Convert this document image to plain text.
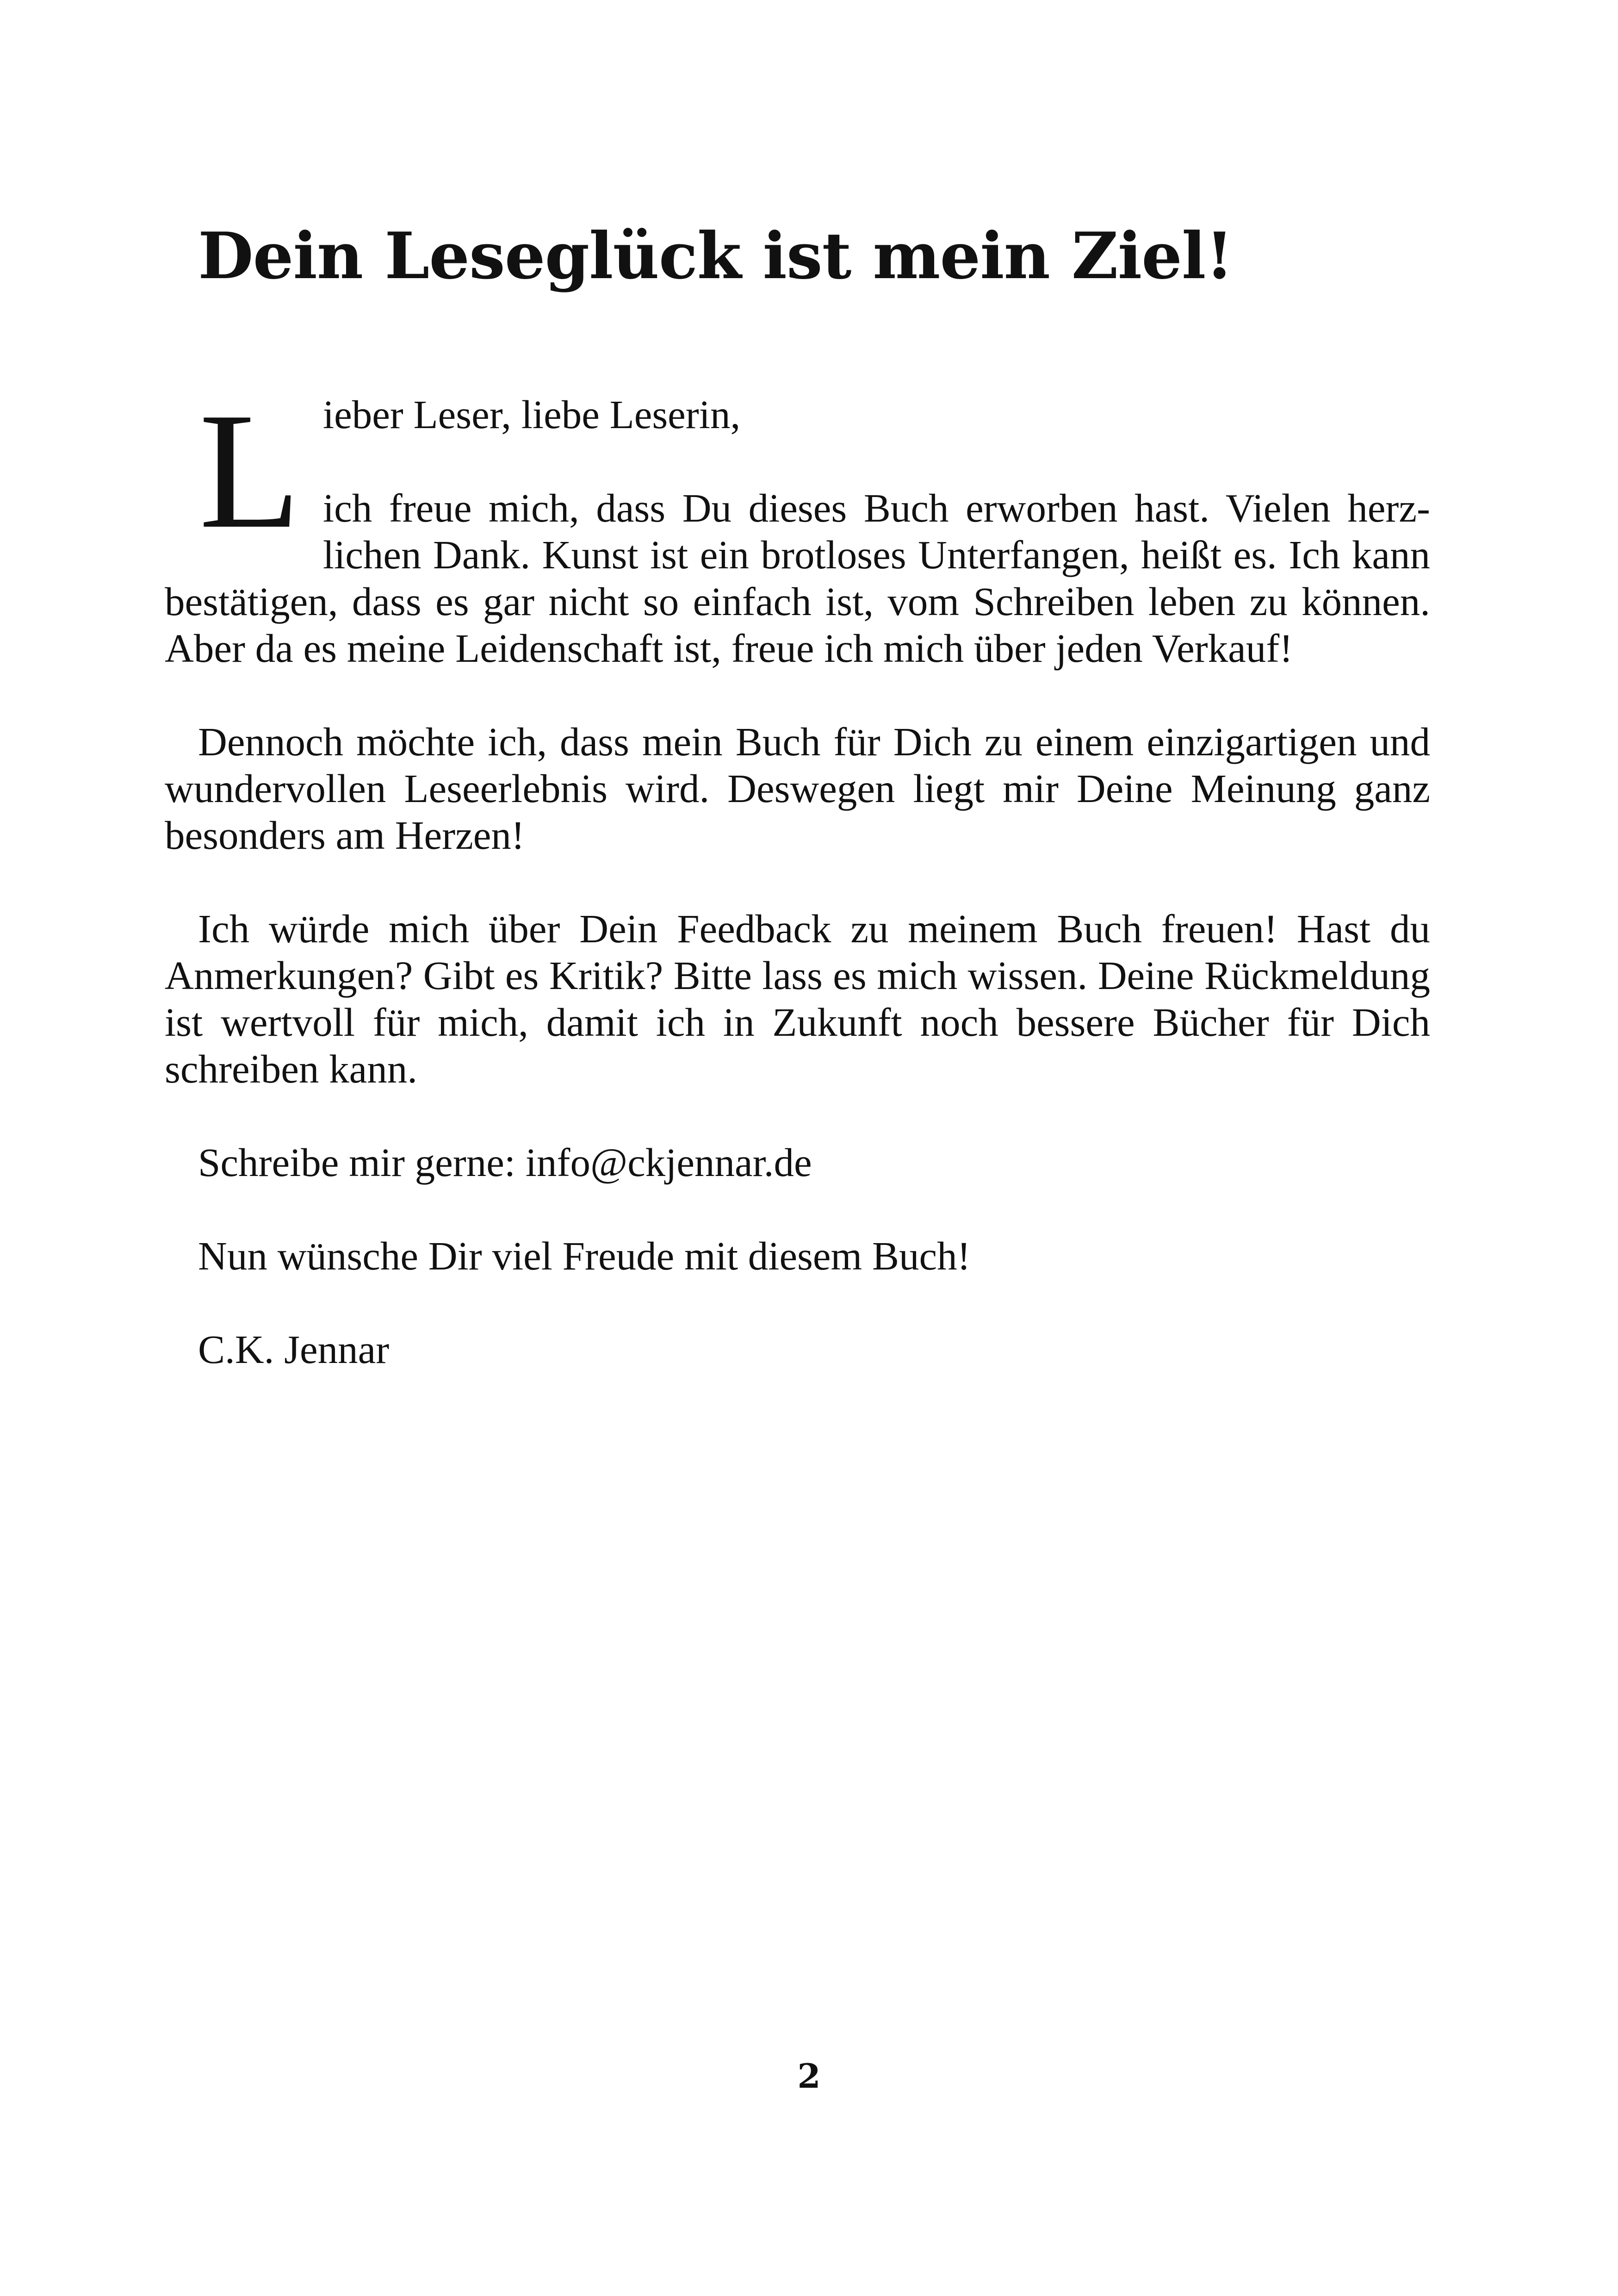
Dein Leseglück ist mein Ziel!
L ieber Leser, liebe Leserin,

ich freue mich, dass Du dieses Buch erworben hast. Vielen herzlichen Dank. Kunst ist ein brotloses Unterfangen, heißt es. Ich kann bestätigen, dass es gar nicht so einfach ist, vom Schreiben leben zu können. Aber da es meine Leidenschaft ist, freue ich mich über jeden Verkauf!

Dennoch möchte ich, dass mein Buch für Dich zu einem einzigartigen und wundervollen Leseerlebnis wird. Deswegen liegt mir Deine Meinung ganz besonders am Herzen!

Ich würde mich über Dein Feedback zu meinem Buch freuen! Hast du Anmerkungen? Gibt es Kritik? Bitte lass es mich wissen. Deine Rückmeldung ist wertvoll für mich, damit ich in Zukunft noch bessere Bücher für Dich schreiben kann.

Schreibe mir gerne: info@ckjennar.de

Nun wünsche Dir viel Freude mit diesem Buch!

C.K. Jennar

2
